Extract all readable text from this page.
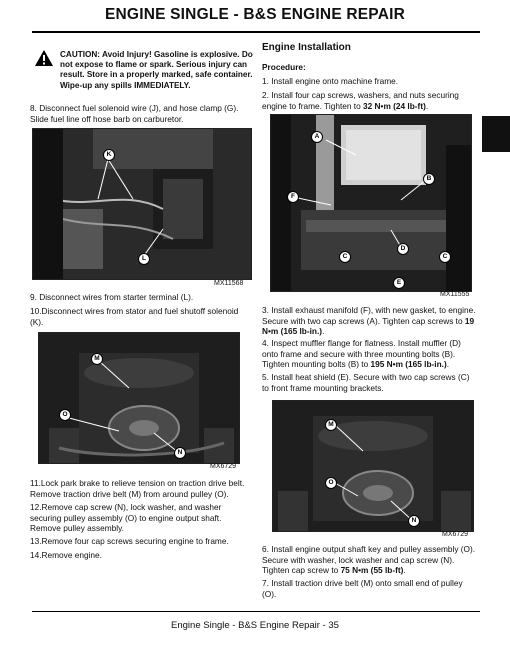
ENGINE SINGLE - B&S ENGINE REPAIR
CAUTION: Avoid Injury! Gasoline is explosive. Do not expose to flame or spark. Serious injury can result. Store in a properly marked, safe container. Wipe-up any spills IMMEDIATELY.
8. Disconnect fuel solenoid wire (J), and hose clamp (G). Slide fuel line off hose barb on carburetor.
K
L
MX11568
9. Disconnect wires from starter terminal (L).
10.Disconnect wires from stator and fuel shutoff solenoid (K).
M
O
N
MX6729
11.Lock park brake to relieve tension on traction drive belt. Remove traction drive belt (M) from around pulley (O).
12.Remove cap screw (N), lock washer, and washer securing pulley assembly (O) to engine output shaft. Remove pulley assembly.
13.Remove four cap screws securing engine to frame.
14.Remove engine.
Engine Installation
Procedure:
1. Install engine onto machine frame.
2. Install four cap screws, washers, and nuts securing engine to frame. Tighten to 32 N•m (24 lb-ft).
A
B
F
D
C	C
E
MX11555
3. Install exhaust manifold (F), with new gasket, to engine. Secure with two cap screws (A). Tighten cap screws to 19 N•m (165 lb-in.).
4. Inspect muffler flange for flatness. Install muffler (D) onto frame and secure with three mounting bolts (B). Tighten mounting bolts (B) to 195 N•m (165 lb-in.).
5. Install heat shield (E). Secure with two cap screws (C) to front frame mounting brackets.
M
O
N
MX6729
6. Install engine output shaft key and pulley assembly (O). Secure with washer, lock washer and cap screw (N). Tighten cap screw to 75 N•m (55 lb-ft).
7. Install traction drive belt (M) onto small end of pulley (O).
Engine Single - B&S Engine Repair - 35
